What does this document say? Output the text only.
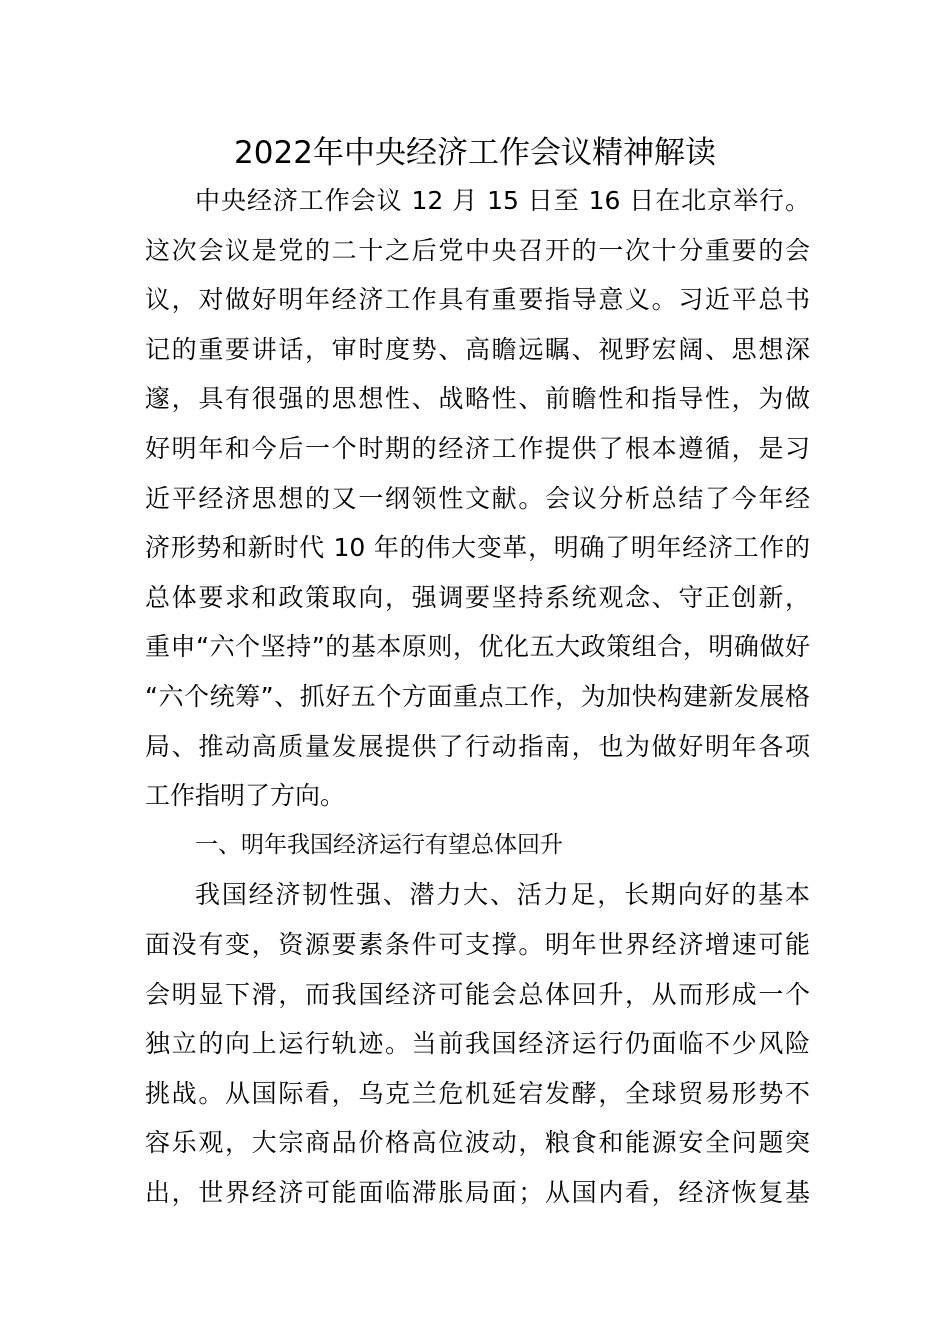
2022年中央经济工作会议精神解读
中央经济工作会议 12 月 15 日至 16 日在北京举行。
这次会议是党的二十之后党中央召开的一次十分重要的会
议，对做好明年经济工作具有重要指导意义。习近平总书
记的重要讲话，审时度势、高瞻远瞩、视野宏阔、思想深
邃，具有很强的思想性、战略性、前瞻性和指导性，为做
好明年和今后一个时期的经济工作提供了根本遵循，是习
近平经济思想的又一纲领性文献。会议分析总结了今年经
济形势和新时代 10 年的伟大变革，明确了明年经济工作的
总体要求和政策取向，强调要坚持系统观念、守正创新，
重申“六个坚持”的基本原则，优化五大政策组合，明确做好
“六个统筹”、抓好五个方面重点工作，为加快构建新发展格
局、推动高质量发展提供了行动指南，也为做好明年各项
工作指明了方向。
一、明年我国经济运行有望总体回升
我国经济韧性强、潜力大、活力足，长期向好的基本
面没有变，资源要素条件可支撑。明年世界经济增速可能
会明显下滑，而我国经济可能会总体回升，从而形成一个
独立的向上运行轨迹。当前我国经济运行仍面临不少风险
挑战。从国际看，乌克兰危机延宕发酵，全球贸易形势不
容乐观，大宗商品价格高位波动，粮食和能源安全问题突
出，世界经济可能面临滞胀局面；从国内看，经济恢复基
